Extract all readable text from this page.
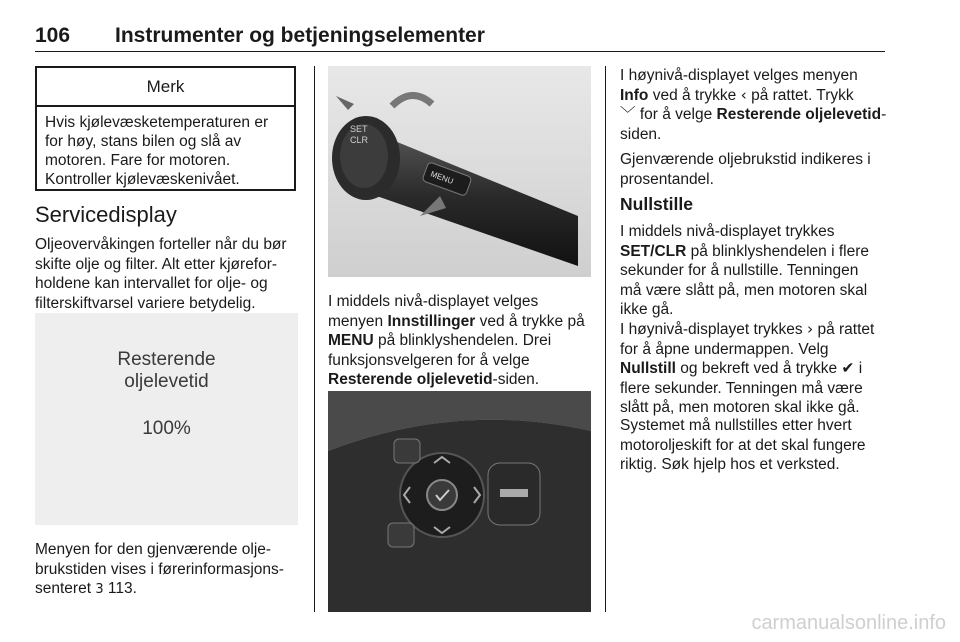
106 Instrumenter og betjeningselementer
Merk
Hvis kjølevæsketemperaturen er
for høy, stans bilen og slå av
motoren. Fare for motoren.
Kontroller kjølevæskenivået.
Servicedisplay

Oljeovervåkingen forteller når du bør

skifte olje og filter. Alt etter kjørefor-

holdene kan intervallet for olje- og

filterskiftvarsel variere betydelig.

Resterende
oljelevetid
100%

Menyen for den gjenværende olje-

brukstiden vises i førerinformasjons-

senteret 3 113.

SET
CLR
MENU

I middels nivå-displayet velges

menyen Innstillinger ved å trykke på

MENU på blinklyshendelen. Drei

funksjonsvelgeren for å velge

Resterende oljelevetid-siden.

I høynivå-displayet velges menyen

Info ved å trykke ‹ på rattet. Trykk

﹀ for å velge Resterende oljelevetid-

siden.

Gjenværende oljebrukstid indikeres i

prosentandel.

Nullstille

I middels nivå-displayet trykkes

SET/CLR på blinklyshendelen i flere

sekunder for å nullstille. Tenningen

må være slått på, men motoren skal

ikke gå.

I høynivå-displayet trykkes › på rattet

for å åpne undermappen. Velg

Nullstill og bekreft ved å trykke ✔ i

flere sekunder. Tenningen må være

slått på, men motoren skal ikke gå.

Systemet må nullstilles etter hvert

motoroljeskift for at det skal fungere

riktig. Søk hjelp hos et verksted.

carmanualsonline.info
